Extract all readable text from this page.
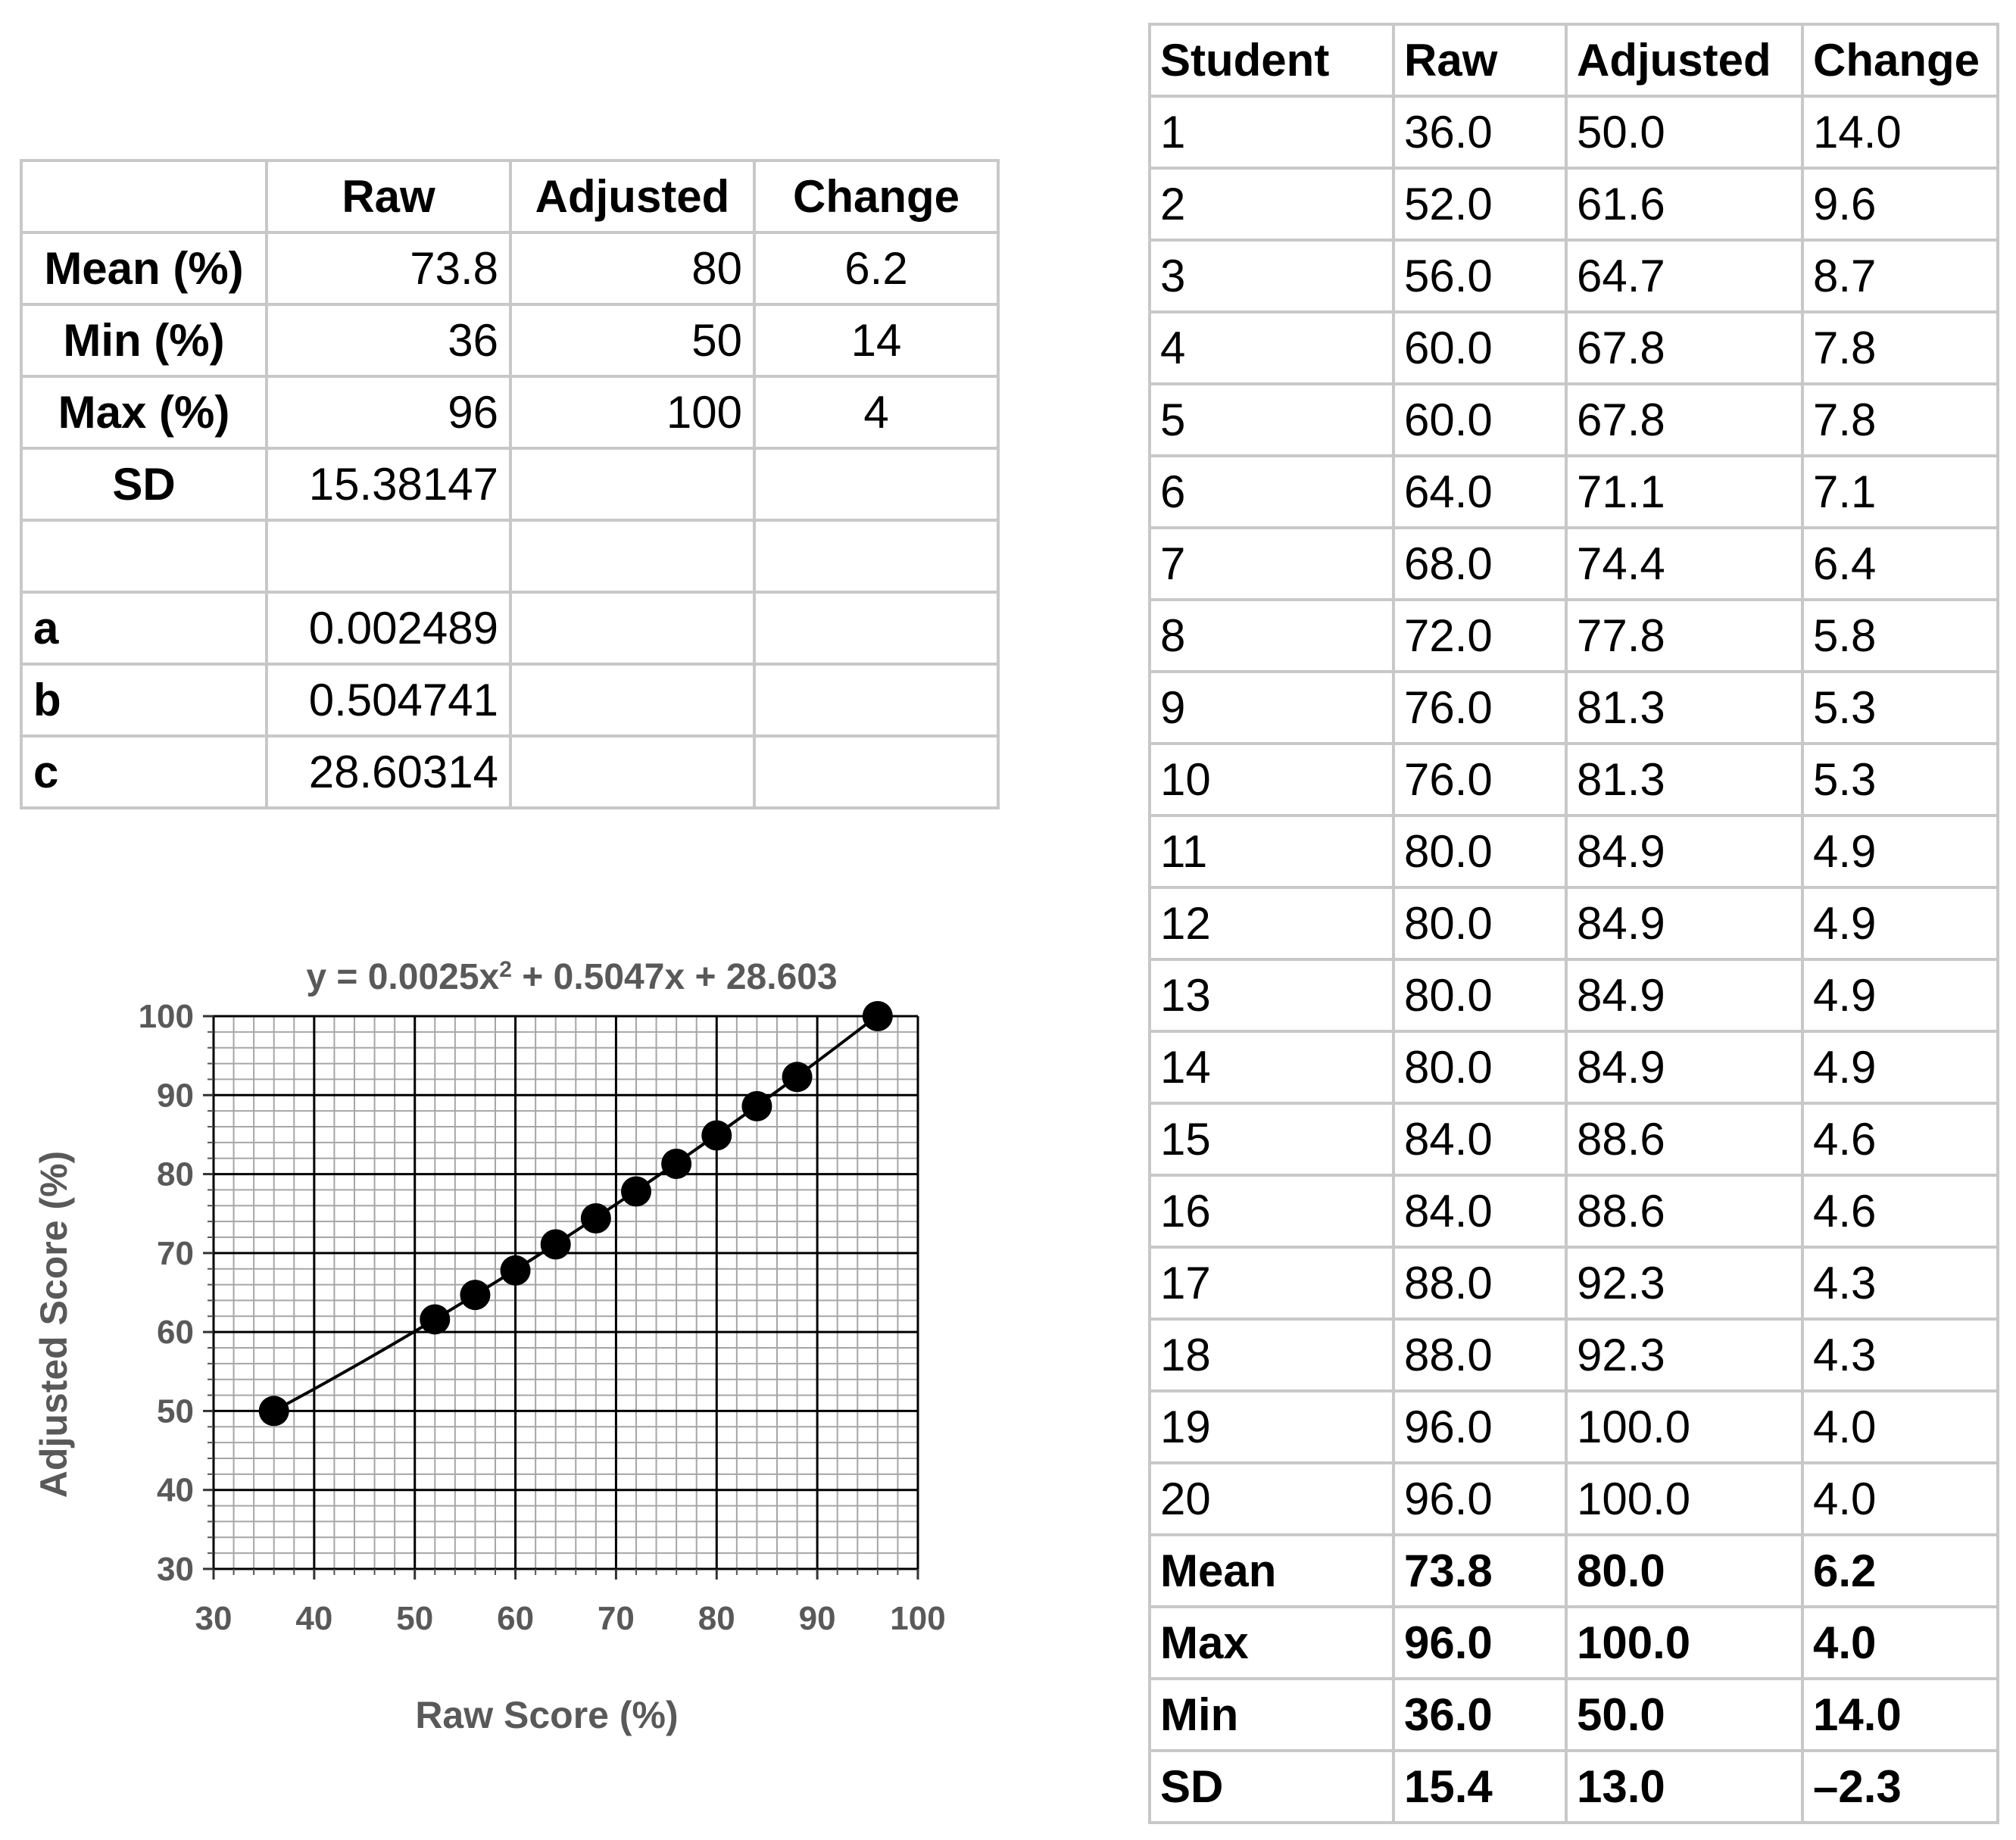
	Raw	Adjusted	Change
Mean (%)	73.8	80	6.2
Min (%)	36	50	14
Max (%)	96	100	4
SD	15.38147		

a	0.002489		
b	0.504741		
c	28.60314		
Student	Raw	Adjusted	Change
1	36.0	50.0	14.0
2	52.0	61.6	9.6
3	56.0	64.7	8.7
4	60.0	67.8	7.8
5	60.0	67.8	7.8
6	64.0	71.1	7.1
7	68.0	74.4	6.4
8	72.0	77.8	5.8
9	76.0	81.3	5.3
10	76.0	81.3	5.3
11	80.0	84.9	4.9
12	80.0	84.9	4.9
13	80.0	84.9	4.9
14	80.0	84.9	4.9
15	84.0	88.6	4.6
16	84.0	88.6	4.6
17	88.0	92.3	4.3
18	88.0	92.3	4.3
19	96.0	100.0	4.0
20	96.0	100.0	4.0
Mean	73.8	80.0	6.2
Max	96.0	100.0	4.0
Min	36.0	50.0	14.0
SD	15.4	13.0	–2.3
$y = 0.0025x^2 + 0.5047x + 28.603$
30 40 50 60 70 80 90 100
30
40
50
60
70
80
90
100
Raw Score (%)
Adjusted Score (%)
